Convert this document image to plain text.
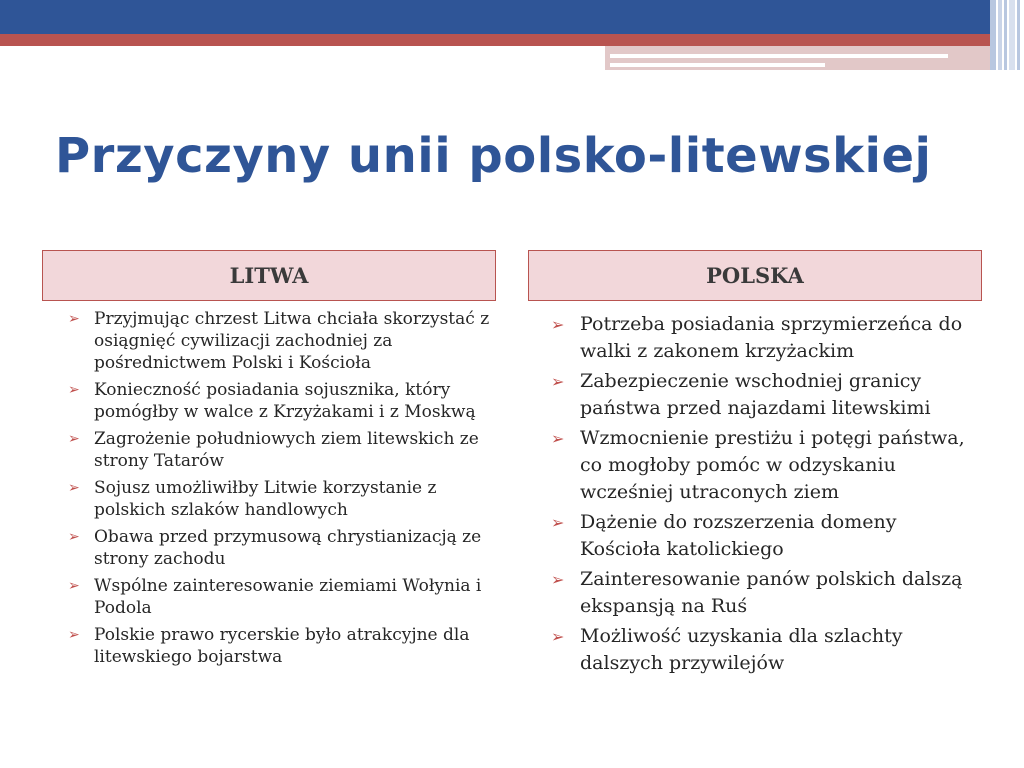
Przyczyny unii polsko-litewskiej
LITWA	POLSKA
➢ Przyjmując chrzest Litwa chciała skorzystać z osiągnięć cywilizacji zachodniej za pośrednictwem Polski i Kościoła
➢ Konieczność posiadania sojusznika, który pomógłby w walce z Krzyżakami i z Moskwą
➢ Zagrożenie południowych ziem litewskich ze strony Tatarów
➢ Sojusz umożliwiłby Litwie korzystanie z polskich szlaków handlowych
➢ Obawa przed przymusową chrystianizacją ze strony zachodu
➢ Wspólne zainteresowanie ziemiami Wołynia i Podola
➢ Polskie prawo rycerskie było atrakcyjne dla litewskiego bojarstwa
➢ Potrzeba posiadania sprzymierzeńca do walki z zakonem krzyżackim
➢ Zabezpieczenie wschodniej granicy państwa przed najazdami litewskimi
➢ Wzmocnienie prestiżu i potęgi państwa, co mogłoby pomóc w odzyskaniu wcześniej utraconych ziem
➢ Dążenie do rozszerzenia domeny Kościoła katolickiego
➢ Zainteresowanie panów polskich dalszą ekspansją na Ruś
➢ Możliwość uzyskania dla szlachty dalszych przywilejów
